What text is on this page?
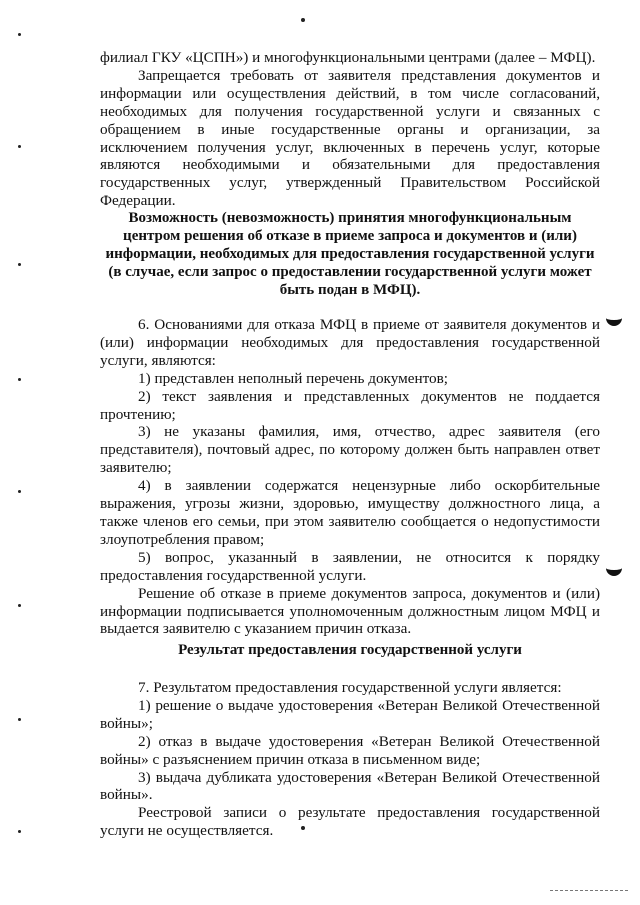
филиал ГКУ «ЦСПН») и многофункциональными центрами (далее – МФЦ).

Запрещается требовать от заявителя представления документов и информации или осуществления действий, в том числе согласований, необходимых для получения государственной услуги и связанных с обращением в иные государственные органы и организации, за исключением получения услуг, включенных в перечень услуг, которые являются необходимыми и обязательными для предоставления государственных услуг, утвержденный Правительством Российской Федерации.

Возможность (невозможность) принятия многофункциональным центром решения об отказе в приеме запроса и документов и (или) информации, необходимых для предоставления государственной услуги (в случае, если запрос о предоставлении государственной услуги может быть подан в МФЦ).

6. Основаниями для отказа МФЦ в приеме от заявителя документов и (или) информации необходимых для предоставления государственной услуги, являются:

1) представлен неполный перечень документов;

2) текст заявления и представленных документов не поддается прочтению;

3) не указаны фамилия, имя, отчество, адрес заявителя (его представителя), почтовый адрес, по которому должен быть направлен ответ заявителю;

4) в заявлении содержатся нецензурные либо оскорбительные выражения, угрозы жизни, здоровью, имуществу должностного лица, а также членов его семьи, при этом заявителю сообщается о недопустимости злоупотребления правом;

5) вопрос, указанный в заявлении, не относится к порядку предоставления государственной услуги.

Решение об отказе в приеме документов запроса, документов и (или) информации подписывается уполномоченным должностным лицом МФЦ и выдается заявителю с указанием причин отказа.

Результат предоставления государственной услуги

7. Результатом предоставления государственной услуги является:

1) решение о выдаче удостоверения «Ветеран Великой Отечественной войны»;

2) отказ в выдаче удостоверения «Ветеран Великой Отечественной войны» с разъяснением причин отказа в письменном виде;

3) выдача дубликата удостоверения «Ветеран Великой Отечественной войны».

Реестровой записи о результате предоставления государственной услуги не осуществляется.
